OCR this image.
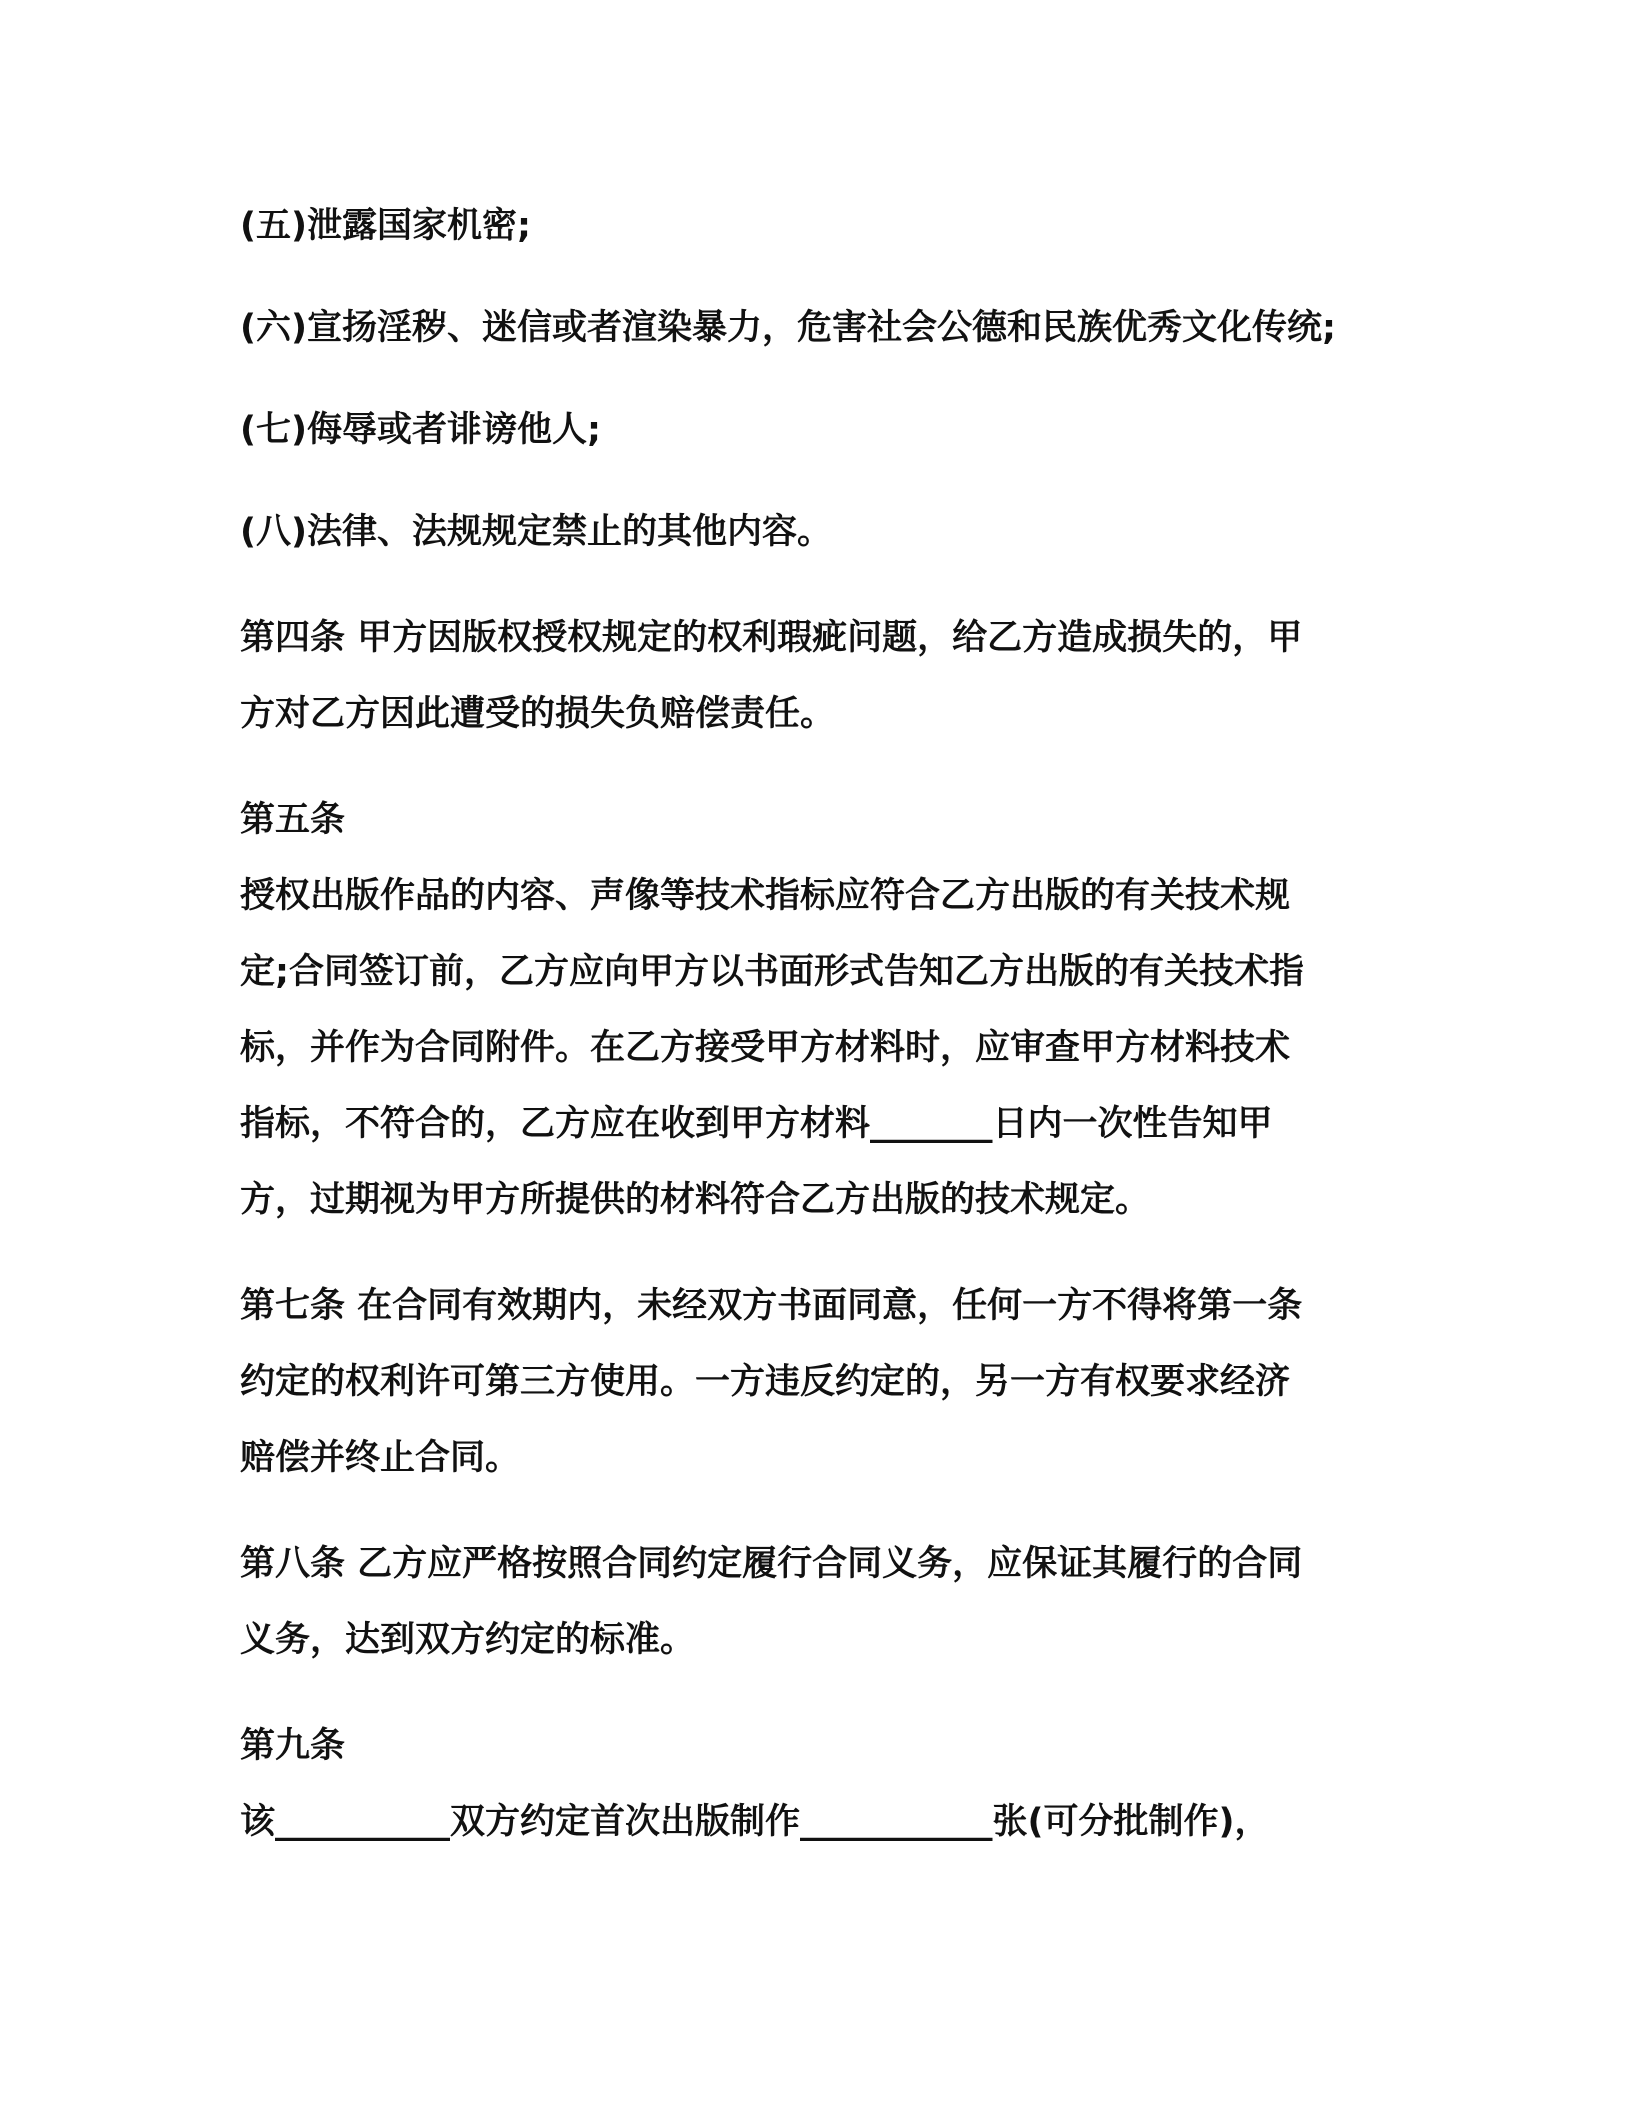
(五)泄露国家机密;

(六)宣扬淫秽、迷信或者渲染暴力，危害社会公德和民族优秀文化传统;

(七)侮辱或者诽谤他人;

(八)法律、法规规定禁止的其他内容。

第四条 甲方因版权授权规定的权利瑕疵问题，给乙方造成损失的，甲

方对乙方因此遭受的损失负赔偿责任。

第五条

授权出版作品的内容、声像等技术指标应符合乙方出版的有关技术规

定;合同签订前，乙方应向甲方以书面形式告知乙方出版的有关技术指

标，并作为合同附件。在乙方接受甲方材料时，应审查甲方材料技术

指标，不符合的，乙方应在收到甲方材料_______日内一次性告知甲

方，过期视为甲方所提供的材料符合乙方出版的技术规定。

第七条 在合同有效期内，未经双方书面同意，任何一方不得将第一条

约定的权利许可第三方使用。一方违反约定的，另一方有权要求经济

赔偿并终止合同。

第八条 乙方应严格按照合同约定履行合同义务，应保证其履行的合同

义务，达到双方约定的标准。

第九条

该__________双方约定首次出版制作___________张(可分批制作)，
